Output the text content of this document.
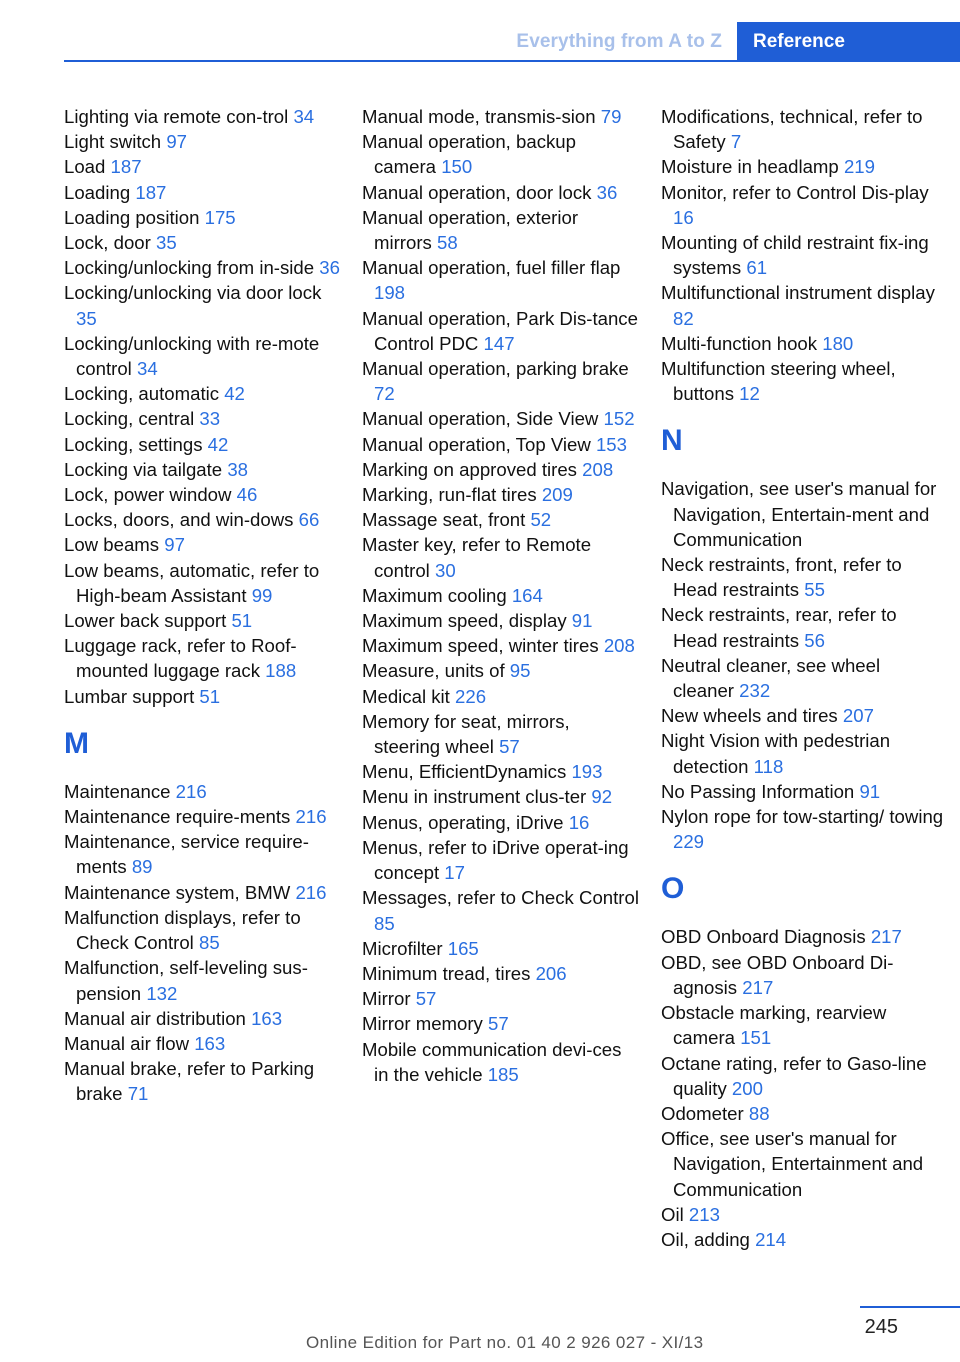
Everything from A to Z	Reference
Lighting via remote con-trol 34
Light switch 97
Load 187
Loading 187
Loading position 175
Lock, door 35
Locking/unlocking from in-side 36
Locking/unlocking via door lock 35
Locking/unlocking with re-mote control 34
Locking, automatic 42
Locking, central 33
Locking, settings 42
Locking via tailgate 38
Lock, power window 46
Locks, doors, and win-dows 66
Low beams 97
Low beams, automatic, refer to High-beam Assistant 99
Lower back support 51
Luggage rack, refer to Roof-mounted luggage rack 188
Lumbar support 51
M
Maintenance 216
Maintenance require-ments 216
Maintenance, service require-ments 89
Maintenance system, BMW 216
Malfunction displays, refer to Check Control 85
Malfunction, self-leveling sus-pension 132
Manual air distribution 163
Manual air flow 163
Manual brake, refer to Parking brake 71
Manual mode, transmis-sion 79
Manual operation, backup camera 150
Manual operation, door lock 36
Manual operation, exterior mirrors 58
Manual operation, fuel filler flap 198
Manual operation, Park Dis-tance Control PDC 147
Manual operation, parking brake 72
Manual operation, Side View 152
Manual operation, Top View 153
Marking on approved tires 208
Marking, run-flat tires 209
Massage seat, front 52
Master key, refer to Remote control 30
Maximum cooling 164
Maximum speed, display 91
Maximum speed, winter tires 208
Measure, units of 95
Medical kit 226
Memory for seat, mirrors, steering wheel 57
Menu, EfficientDynamics 193
Menu in instrument clus-ter 92
Menus, operating, iDrive 16
Menus, refer to iDrive operat-ing concept 17
Messages, refer to Check Control 85
Microfilter 165
Minimum tread, tires 206
Mirror 57
Mirror memory 57
Mobile communication devi-ces in the vehicle 185
Modifications, technical, refer to Safety 7
Moisture in headlamp 219
Monitor, refer to Control Dis-play 16
Mounting of child restraint fix-ing systems 61
Multifunctional instrument display 82
Multi-function hook 180
Multifunction steering wheel, buttons 12
N
Navigation, see user's manual for Navigation, Entertain-ment and Communication
Neck restraints, front, refer to Head restraints 55
Neck restraints, rear, refer to Head restraints 56
Neutral cleaner, see wheel cleaner 232
New wheels and tires 207
Night Vision with pedestrian detection 118
No Passing Information 91
Nylon rope for tow-starting/ towing 229
O
OBD Onboard Diagnosis 217
OBD, see OBD Onboard Di-agnosis 217
Obstacle marking, rearview camera 151
Octane rating, refer to Gaso-line quality 200
Odometer 88
Office, see user's manual for Navigation, Entertainment and Communication
Oil 213
Oil, adding 214
245
Online Edition for Part no. 01 40 2 926 027 - XI/13
